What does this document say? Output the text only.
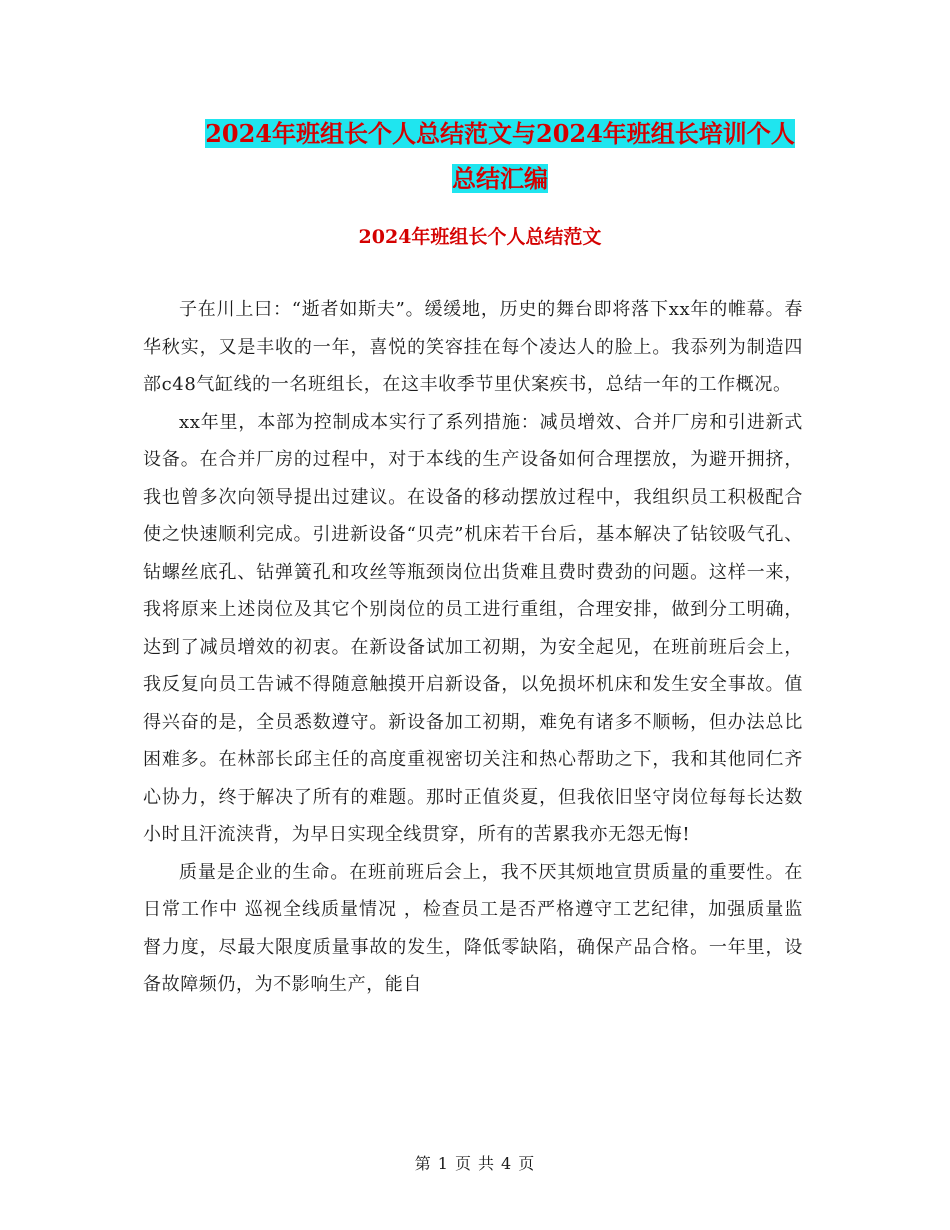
2024年班组长个人总结范文与2024年班组长培训个人
总结汇编
2024年班组长个人总结范文

子在川上曰：“逝者如斯夫”。缓缓地，历史的舞台即将落下xx年的帷幕。春华秋实，又是丰收的一年，喜悦的笑容挂在每个凌达人的脸上。我忝列为制造四部c48气缸线的一名班组长，在这丰收季节里伏案疾书，总结一年的工作概况。

xx年里，本部为控制成本实行了系列措施：减员增效、合并厂房和引进新式设备。在合并厂房的过程中，对于本线的生产设备如何合理摆放，为避开拥挤，我也曾多次向领导提出过建议。在设备的移动摆放过程中，我组织员工积极配合使之快速顺利完成。引进新设备“贝壳”机床若干台后，基本解决了钻铰吸气孔、钻螺丝底孔、钻弹簧孔和攻丝等瓶颈岗位出货难且费时费劲的问题。这样一来，我将原来上述岗位及其它个别岗位的员工进行重组，合理安排，做到分工明确，达到了减员增效的初衷。在新设备试加工初期，为安全起见，在班前班后会上，我反复向员工告诫不得随意触摸开启新设备，以免损坏机床和发生安全事故。值得兴奋的是，全员悉数遵守。新设备加工初期，难免有诸多不顺畅，但办法总比困难多。在林部长邱主任的高度重视密切关注和热心帮助之下，我和其他同仁齐心协力，终于解决了所有的难题。那时正值炎夏，但我依旧坚守岗位每每长达数小时且汗流浃背，为早日实现全线贯穿，所有的苦累我亦无怨无悔!

质量是企业的生命。在班前班后会上，我不厌其烦地宣贯质量的重要性。在日常工作中 巡视全线质量情况 ，检查员工是否严格遵守工艺纪律，加强质量监督力度，尽最大限度质量事故的发生，降低零缺陷，确保产品合格。一年里，设备故障频仍，为不影响生产，能自

第 1 页 共 4 页
